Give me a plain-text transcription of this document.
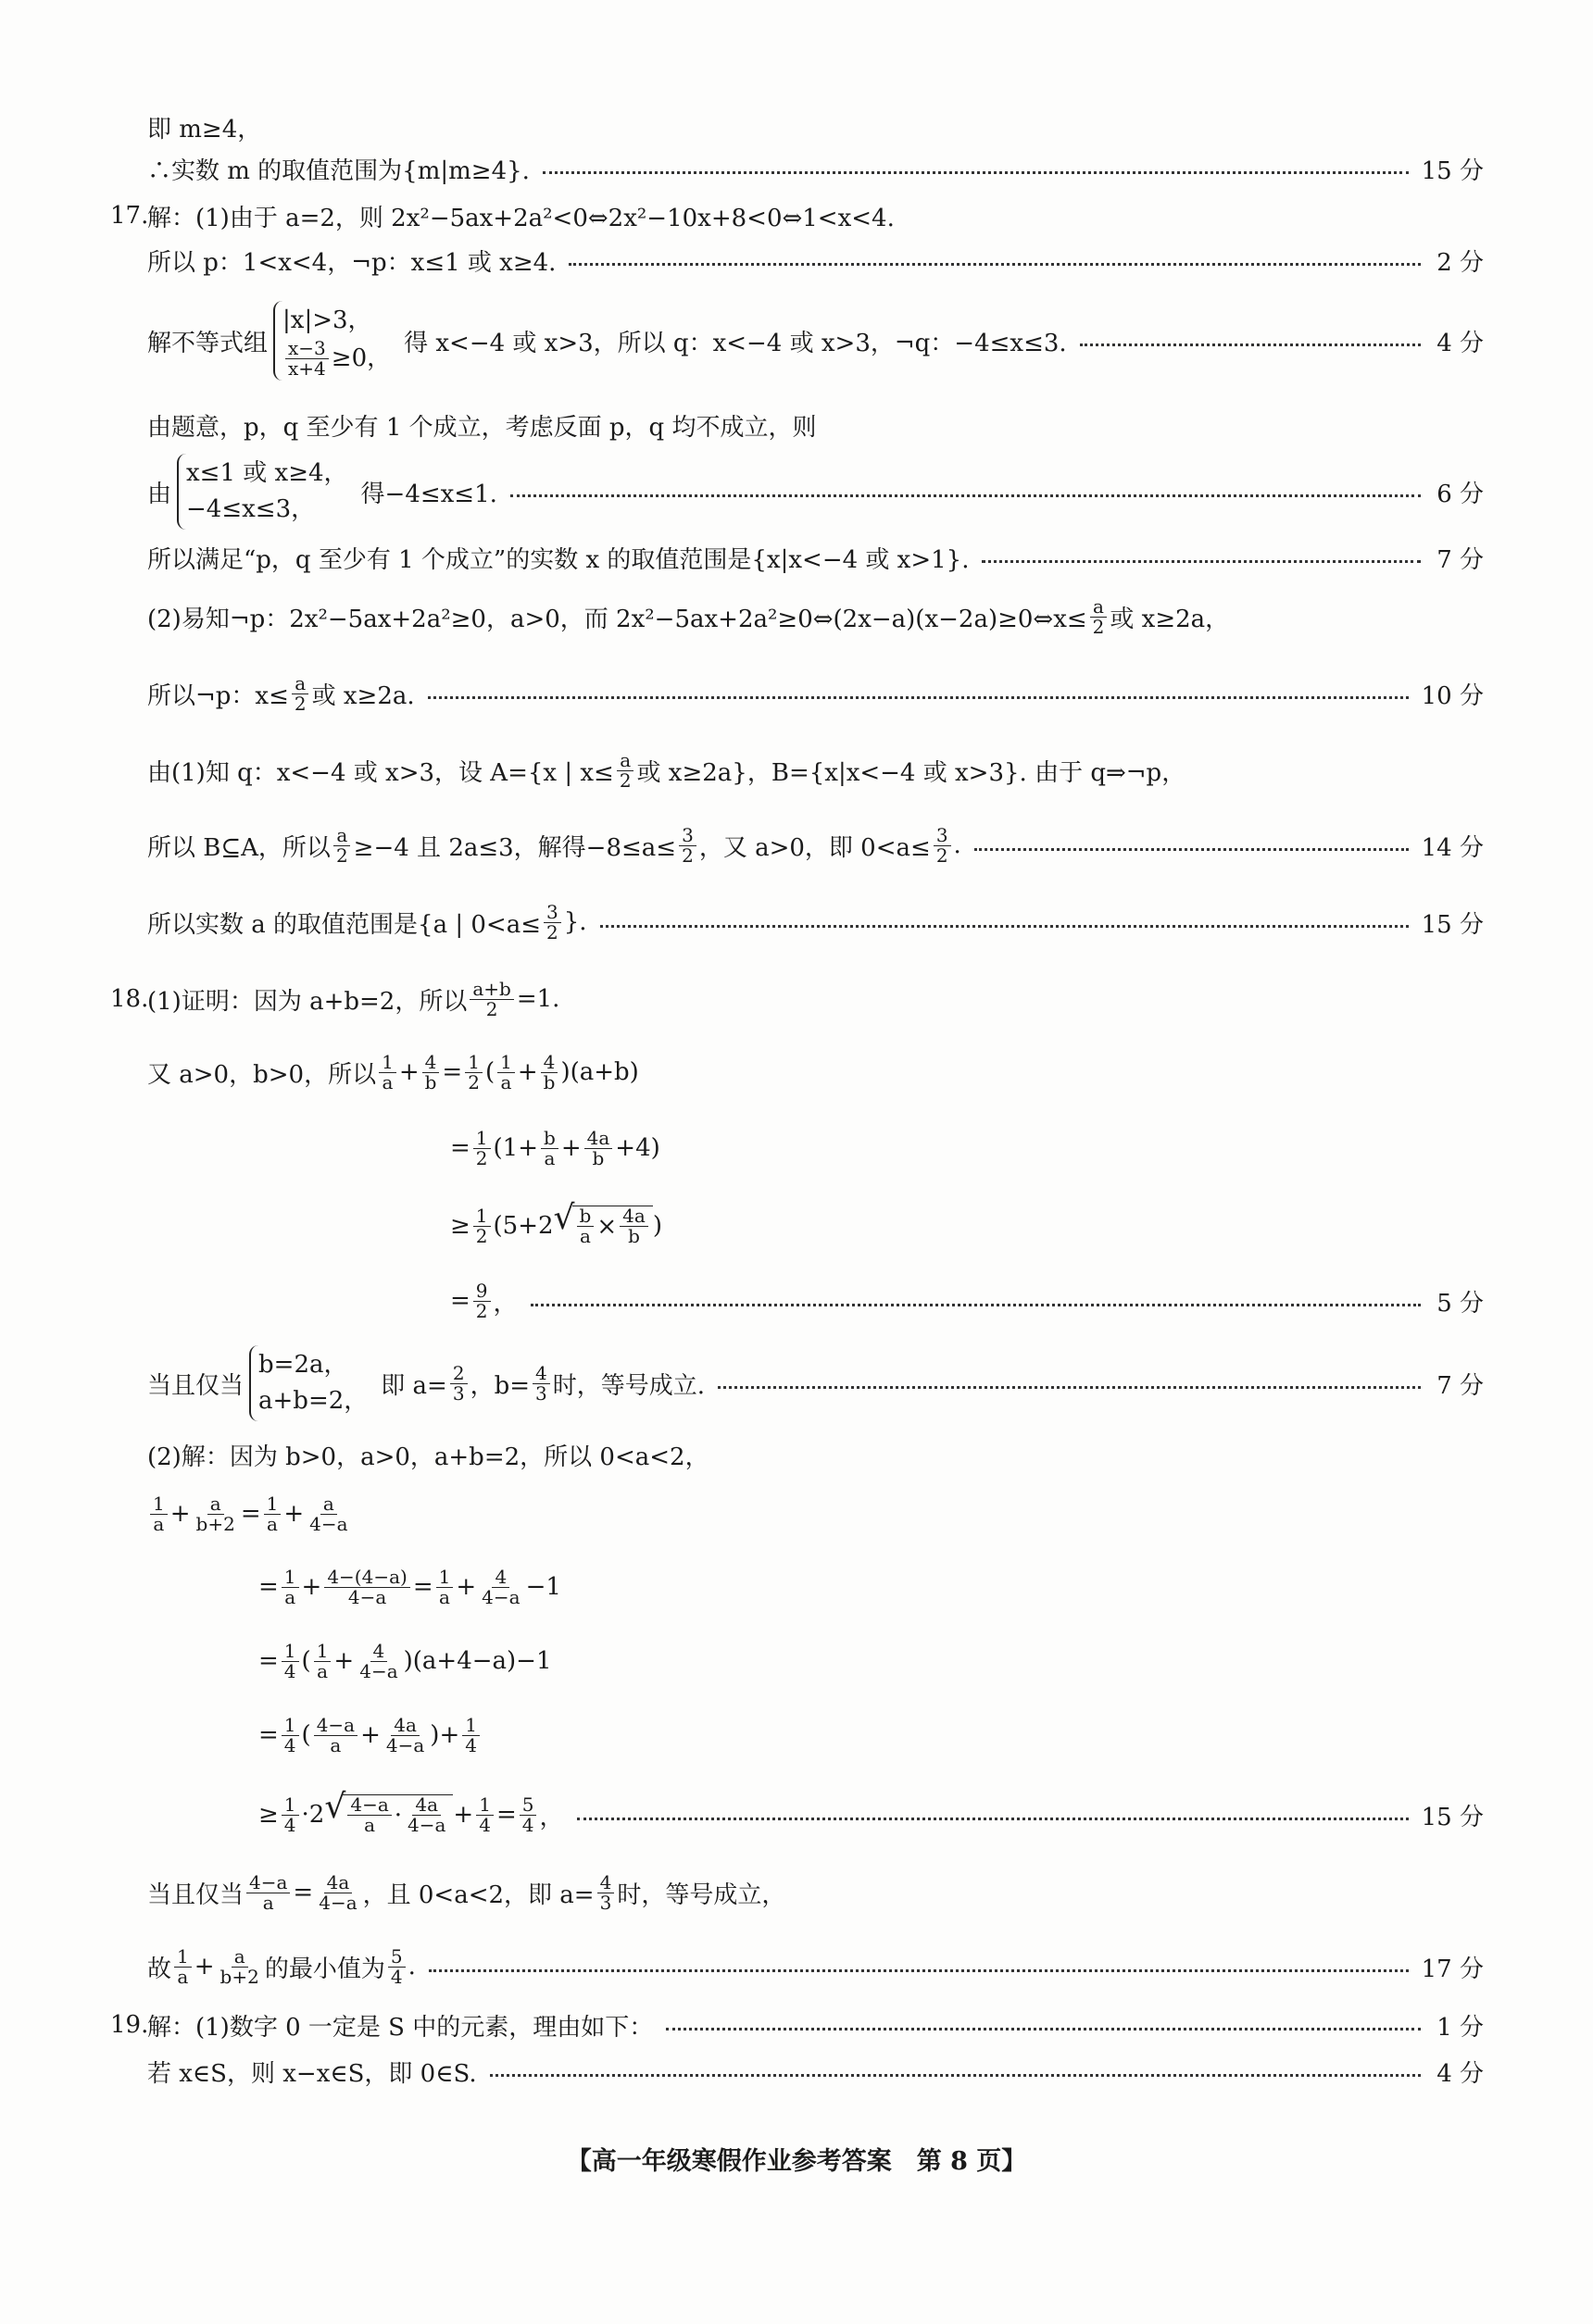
即 m≥4，
∴实数 m 的取值范围为{m|m≥4}.	15 分
17.
解：(1)由于 a=2，则 2x²−5ax+2a²<0⇔2x²−10x+8<0⇔1<x<4.
所以 p：1<x<4，¬p：x≤1 或 x≥4.	2 分
解不等式组
|x|>3，
$\frac{x-3}{x+4} \ge 0$，
得 x<−4 或 x>3，所以 q：x<−4 或 x>3，¬q：−4≤x≤3.	4 分
由题意，p，q 至少有 1 个成立，考虑反面 p，q 均不成立，则
由
x≤1 或 x≥4，
−4≤x≤3，
得−4≤x≤1.	6 分
所以满足“p，q 至少有 1 个成立”的实数 x 的取值范围是{x|x<−4 或 x>1}.	7 分
(2)易知¬p：2x²−5ax+2a²≥0，a>0，而 2x²−5ax+2a²≥0⇔(2x−a)(x−2a)≥0⇔x≤ $\frac{a}{2}$ 或 x≥2a，
所以¬p：$x\le \frac{a}{2}$ 或 x≥2a.	10 分
由(1)知 q：x<−4 或 x>3，设 A={x | $x\le \frac{a}{2}$ 或 x≥2a}，B={x|x<−4 或 x>3}. 由于 q⇒¬p，
所以 B⊆A，所以 $\frac{a}{2} \ge-4$ 且 2a≤3，解得$-8\le a\le \frac{3}{2}$ ，又 a>0，即 $0<a\le \frac{3}{2}$ .	14 分
所以实数 a 的取值范围是{a | $0<a\le \frac{3}{2}$ }.	15 分
18.
(1)证明：因为 a+b=2，所以 $\frac{a+b}{2} =1$.
又 a>0，b>0，所以 $\frac{1}{a} + \frac{4}{b} = \frac{1}{2}$ ( $\frac{1}{a} + \frac{4}{b} )(a+b)$
= $\frac{1}{2} (1+ \frac{b}{a} + \frac{4a}{b} +4)$
≥ $\frac{1}{2} (5+2$ √ $\frac{b}{a} \times \frac{4a}{b}$ )
= $\frac{9}{2}$ ，	5 分
当且仅当
b=2a，
a+b=2，
即 $a= \frac{2}{3}$ ，$b= \frac{4}{3}$ 时，等号成立.	7 分
(2)解：因为 b>0，a>0，a+b=2，所以 0<a<2，
$\frac{1}{a} + \frac{a}{b+2} = \frac{1}{a} + \frac{a}{4-a}$
= $\frac{1}{a} + \frac{4-(4-a)}{4-a} = \frac{1}{a} + \frac{4}{4-a} -1$
= $\frac{1}{4}$ ( $\frac{1}{a} + \frac{4}{4-a} )(a+4-a)-1$
= $\frac{1}{4}$ ( $\frac{4-a}{a} + \frac{4a}{4-a}$ )+ $\frac{1}{4}$
≥ $\frac{1}{4} \cdot 2$ √ $\frac{4-a}{a} \cdot \frac{4a}{4-a} + \frac{1}{4} = \frac{5}{4}$ ，	15 分
当且仅当 $\frac{4-a}{a} = \frac{4a}{4-a}$ ，且 0<a<2，即 $a= \frac{4}{3}$ 时，等号成立，
故 $\frac{1}{a} + \frac{a}{b+2}$ 的最小值为 $\frac{5}{4}$ .	17 分
19.
解：(1)数字 0 一定是 S 中的元素，理由如下：	1 分
若 x∈S，则 x−x∈S，即 0∈S.	4 分
【高一年级寒假作业参考答案　第 8 页】
